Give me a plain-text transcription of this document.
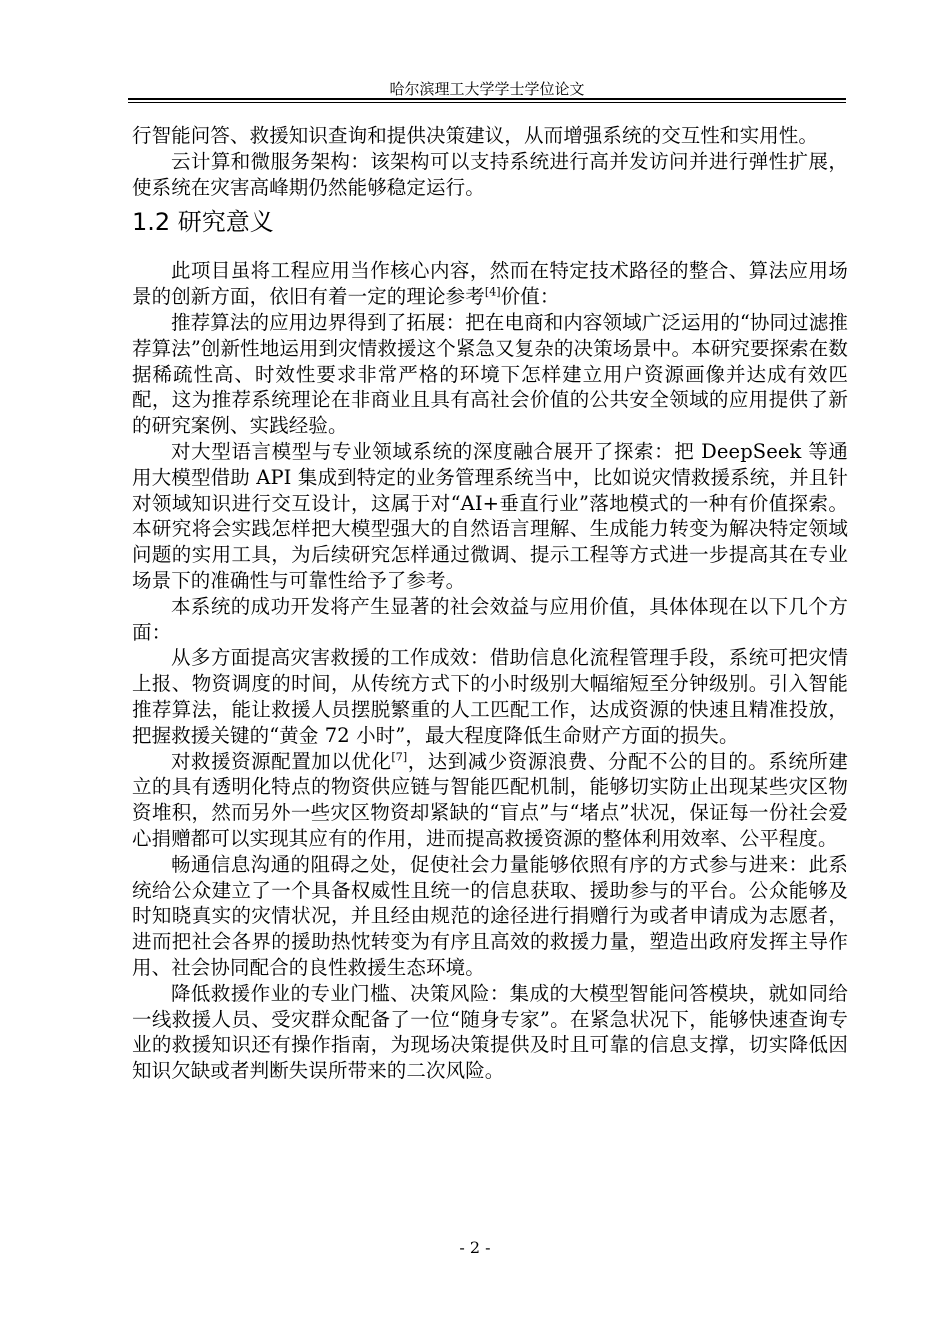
哈尔滨理工大学学士学位论文

行智能问答、救援知识查询和提供决策建议，从而增强系统的交互性和实用性。

云计算和微服务架构：该架构可以支持系统进行高并发访问并进行弹性扩展，使系统在灾害高峰期仍然能够稳定运行。

1.2 研究意义

此项目虽将工程应用当作核心内容，然而在特定技术路径的整合、算法应用场景的创新方面，依旧有着一定的理论参考[4]价值：

推荐算法的应用边界得到了拓展：把在电商和内容领域广泛运用的“协同过滤推荐算法”创新性地运用到灾情救援这个紧急又复杂的决策场景中。本研究要探索在数据稀疏性高、时效性要求非常严格的环境下怎样建立用户资源画像并达成有效匹配，这为推荐系统理论在非商业且具有高社会价值的公共安全领域的应用提供了新的研究案例、实践经验。

对大型语言模型与专业领域系统的深度融合展开了探索：把 DeepSeek 等通用大模型借助 API 集成到特定的业务管理系统当中，比如说灾情救援系统，并且针对领域知识进行交互设计，这属于对“AI+垂直行业”落地模式的一种有价值探索。本研究将会实践怎样把大模型强大的自然语言理解、生成能力转变为解决特定领域问题的实用工具，为后续研究怎样通过微调、提示工程等方式进一步提高其在专业场景下的准确性与可靠性给予了参考。

本系统的成功开发将产生显著的社会效益与应用价值，具体体现在以下几个方面：

从多方面提高灾害救援的工作成效：借助信息化流程管理手段，系统可把灾情上报、物资调度的时间，从传统方式下的小时级别大幅缩短至分钟级别。引入智能推荐算法，能让救援人员摆脱繁重的人工匹配工作，达成资源的快速且精准投放，把握救援关键的“黄金 72 小时”，最大程度降低生命财产方面的损失。

对救援资源配置加以优化[7]，达到减少资源浪费、分配不公的目的。系统所建立的具有透明化特点的物资供应链与智能匹配机制，能够切实防止出现某些灾区物资堆积，然而另外一些灾区物资却紧缺的“盲点”与“堵点”状况，保证每一份社会爱心捐赠都可以实现其应有的作用，进而提高救援资源的整体利用效率、公平程度。

畅通信息沟通的阻碍之处，促使社会力量能够依照有序的方式参与进来：此系统给公众建立了一个具备权威性且统一的信息获取、援助参与的平台。公众能够及时知晓真实的灾情状况，并且经由规范的途径进行捐赠行为或者申请成为志愿者，进而把社会各界的援助热忱转变为有序且高效的救援力量，塑造出政府发挥主导作用、社会协同配合的良性救援生态环境。

降低救援作业的专业门槛、决策风险：集成的大模型智能问答模块，就如同给一线救援人员、受灾群众配备了一位“随身专家”。在紧急状况下，能够快速查询专业的救援知识还有操作指南，为现场决策提供及时且可靠的信息支撑，切实降低因知识欠缺或者判断失误所带来的二次风险。

- 2 -
